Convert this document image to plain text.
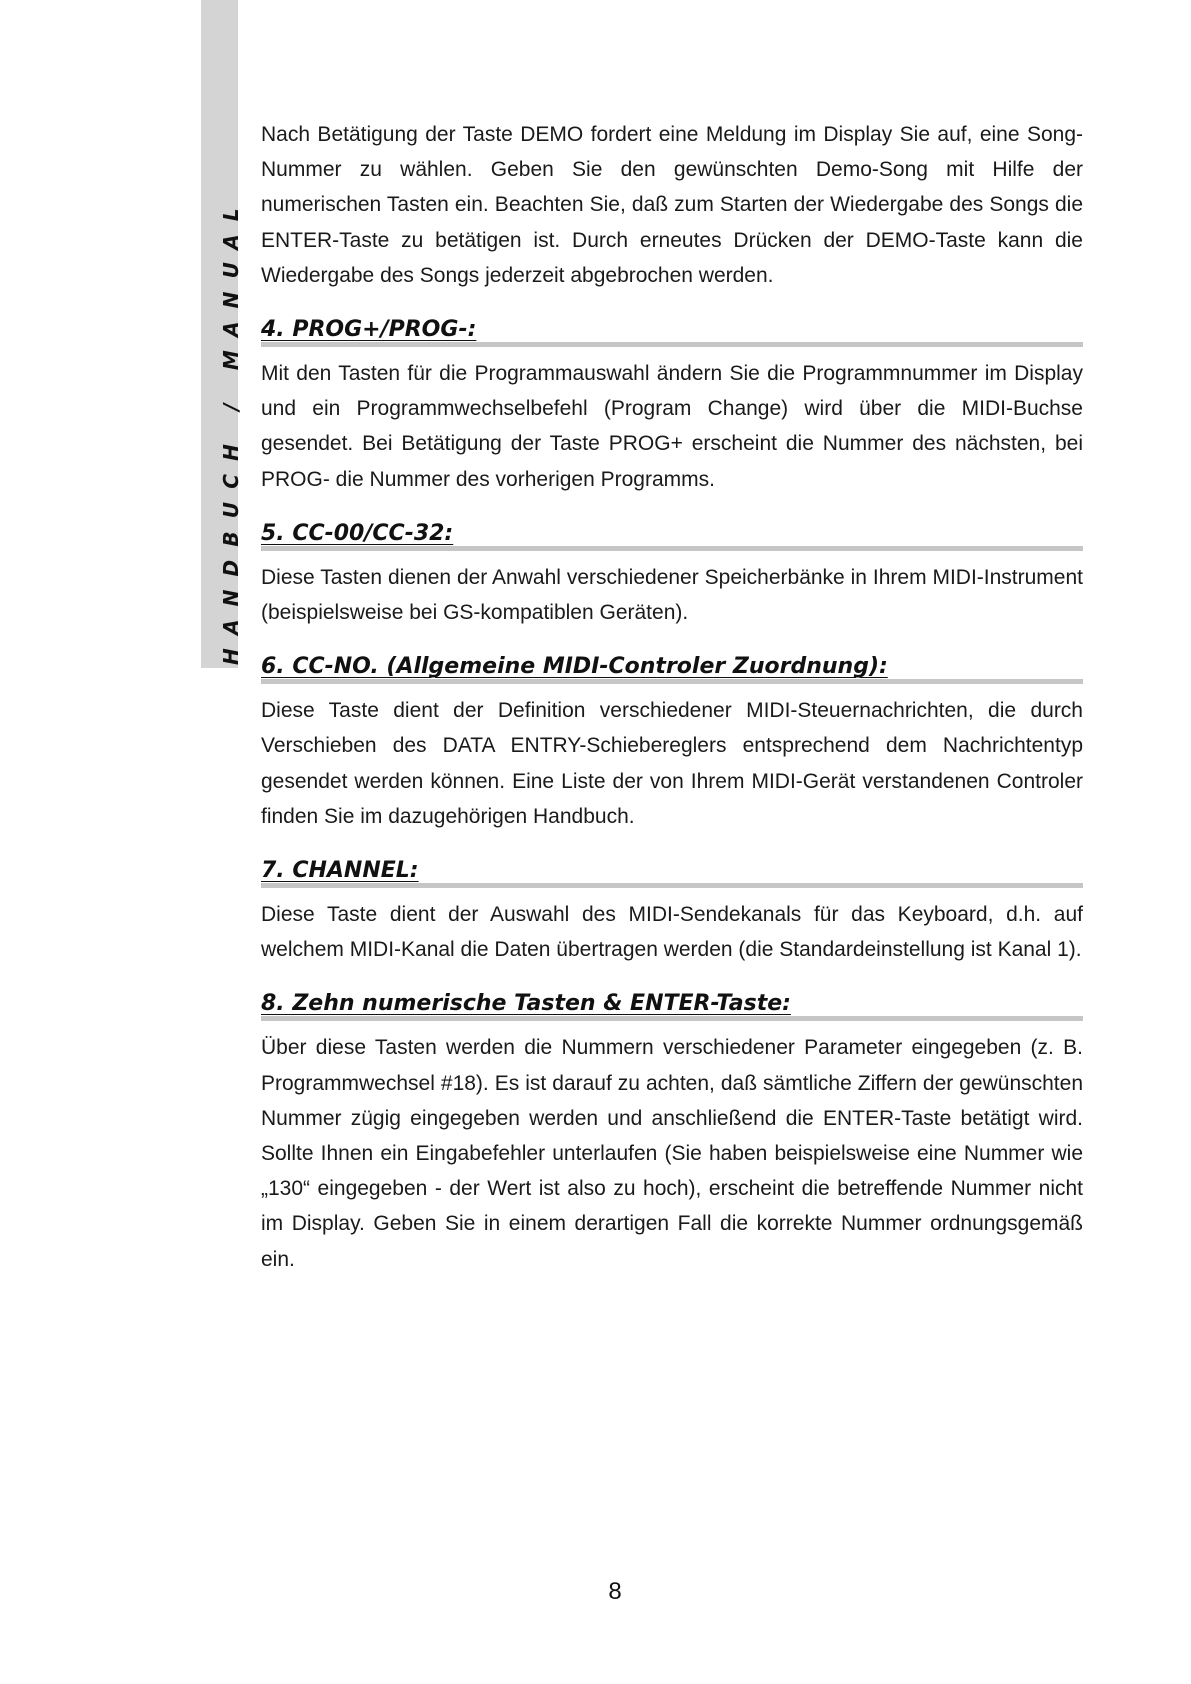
HANDBUCH / MANUAL

Nach Betätigung der Taste DEMO fordert eine Meldung im Display Sie auf, eine Song-Nummer zu wählen. Geben Sie den gewünschten Demo-Song mit Hilfe der numerischen Tasten ein. Beachten Sie, daß zum Starten der Wiedergabe des Songs die ENTER-Taste zu betätigen ist. Durch erneutes Drücken der DEMO-Taste kann die Wiedergabe des Songs jederzeit abgebrochen werden.

4. PROG+/PROG-:

Mit den Tasten für die Programmauswahl ändern Sie die Programmnummer im Display und ein Programmwechselbefehl (Program Change) wird über die MIDI-Buchse gesendet. Bei Betätigung der Taste PROG+ erscheint die Nummer des nächsten, bei PROG- die Nummer des vorherigen Programms.

5. CC-00/CC-32:

Diese Tasten dienen der Anwahl verschiedener Speicherbänke in Ihrem MIDI-Instrument (beispielsweise bei GS-kompatiblen Geräten).

6. CC-NO. (Allgemeine MIDI-Controler Zuordnung):

Diese Taste dient der Definition verschiedener MIDI-Steuernachrichten, die durch Verschieben des DATA ENTRY-Schiebereglers entsprechend dem Nachrichtentyp gesendet werden können. Eine Liste der von Ihrem MIDI-Gerät verstandenen Controler finden Sie im dazugehörigen Handbuch.

7. CHANNEL:

Diese Taste dient der Auswahl des MIDI-Sendekanals für das Keyboard, d.h. auf welchem MIDI-Kanal die Daten übertragen werden (die Standardeinstellung ist Kanal 1).

8. Zehn numerische Tasten & ENTER-Taste:

Über diese Tasten werden die Nummern verschiedener Parameter eingegeben (z. B. Programmwechsel #18). Es ist darauf zu achten, daß sämtliche Ziffern der gewünschten Nummer zügig eingegeben werden und anschließend die ENTER-Taste betätigt wird. Sollte Ihnen ein Eingabefehler unterlaufen (Sie haben beispielsweise eine Nummer wie „130“ eingegeben - der Wert ist also zu hoch), erscheint die betreffende Nummer nicht im Display. Geben Sie in einem derartigen Fall die korrekte Nummer ordnungsgemäß ein.

8
